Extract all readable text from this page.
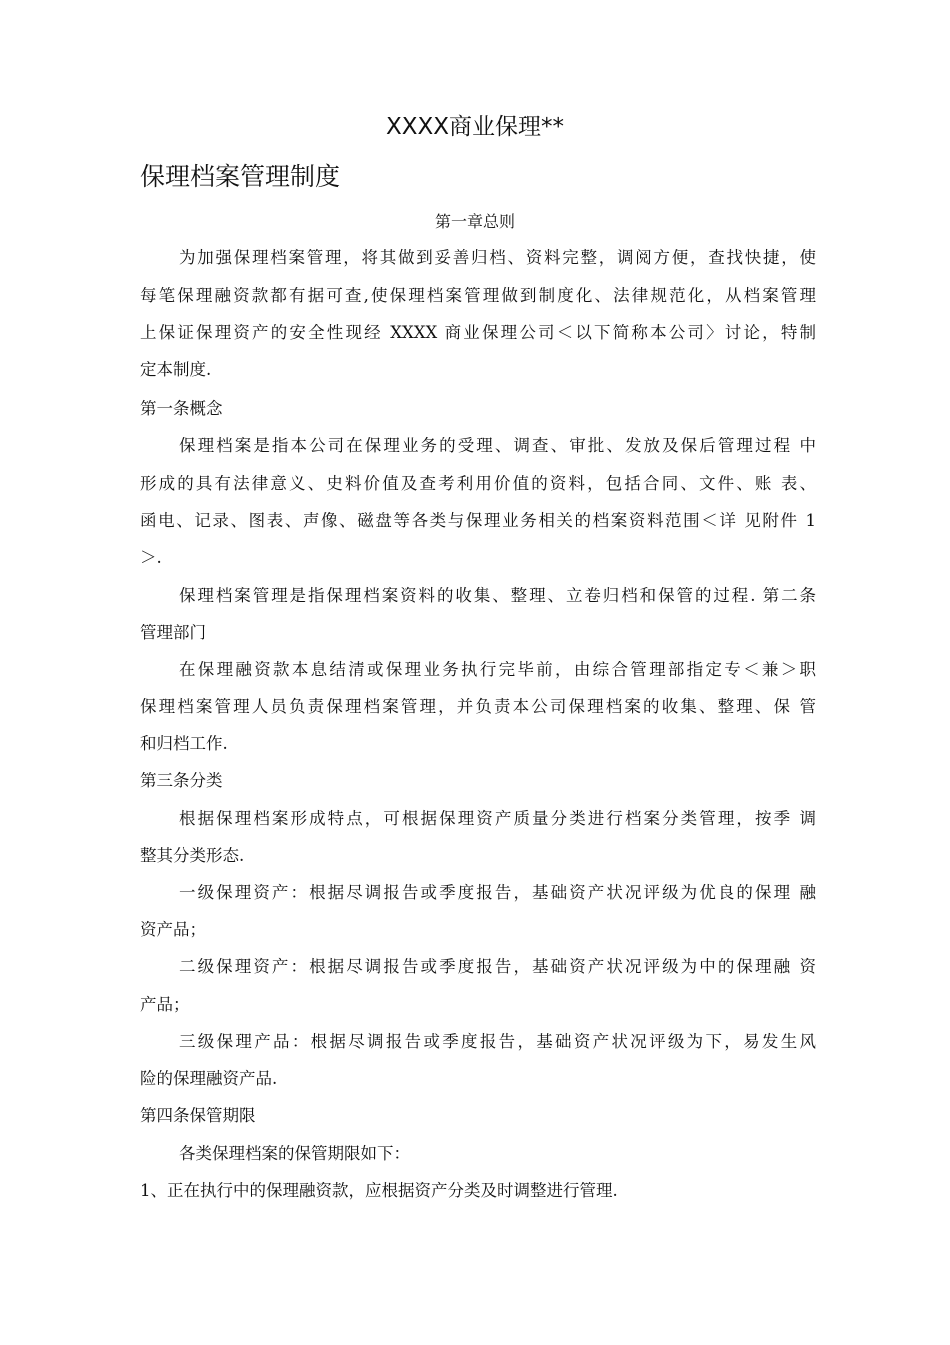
XXXX商业保理**
保理档案管理制度
第一章总则
为加强保理档案管理，将其做到妥善归档、资料完整，调阅方便，查找快捷，使
每笔保理融资款都有据可查,使保理档案管理做到制度化、法律规范化，从档案管理
上保证保理资产的安全性现经 XXXX 商业保理公司＜以下简称本公司〉讨论，特制
定本制度.
第一条概念
保理档案是指本公司在保理业务的受理、调查、审批、发放及保后管理过程 中
形成的具有法律意义、史料价值及查考利用价值的资料，包括合同、文件、账 表、
函电、记录、图表、声像、磁盘等各类与保理业务相关的档案资料范围＜详 见附件 1
＞.
保理档案管理是指保理档案资料的收集、整理、立卷归档和保管的过程. 第二条
管理部门
在保理融资款本息结清或保理业务执行完毕前，由综合管理部指定专＜兼＞职
保理档案管理人员负责保理档案管理，并负责本公司保理档案的收集、整理、保 管
和归档工作.
第三条分类
根据保理档案形成特点，可根据保理资产质量分类进行档案分类管理，按季 调
整其分类形态.
一级保理资产：根据尽调报告或季度报告，基础资产状况评级为优良的保理 融
资产品；
二级保理资产：根据尽调报告或季度报告，基础资产状况评级为中的保理融 资
产品；
三级保理产品：根据尽调报告或季度报告，基础资产状况评级为下，易发生风
险的保理融资产品.
第四条保管期限
各类保理档案的保管期限如下：
1、正在执行中的保理融资款，应根据资产分类及时调整进行管理.
